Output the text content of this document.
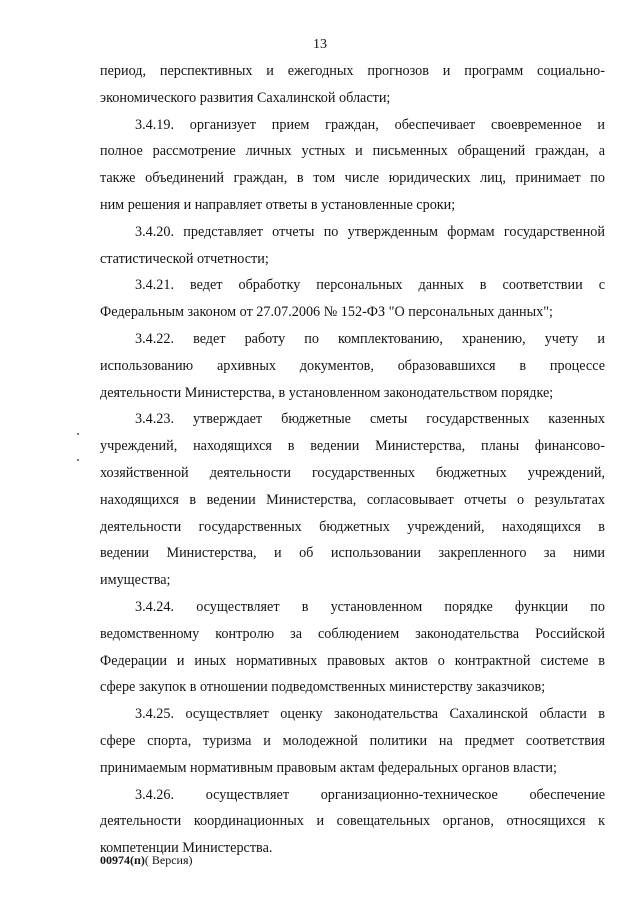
13
период, перспективных и ежегодных прогнозов и программ социально-
экономического развития Сахалинской области;
3.4.19. организует прием граждан, обеспечивает своевременное и
полное рассмотрение личных устных и письменных обращений граждан, а
также объединений граждан, в том числе юридических лиц, принимает по
ним решения и направляет ответы в установленные сроки;
3.4.20. представляет отчеты по утвержденным формам государственной
статистической отчетности;
3.4.21. ведет обработку персональных данных в соответствии с
Федеральным законом от 27.07.2006 № 152-ФЗ "О персональных данных";
3.4.22. ведет работу по комплектованию, хранению, учету и
использованию архивных документов, образовавшихся в процессе
деятельности Министерства, в установленном законодательством порядке;
3.4.23. утверждает бюджетные сметы государственных казенных
учреждений, находящихся в ведении Министерства, планы финансово-
хозяйственной деятельности государственных бюджетных учреждений,
находящихся в ведении Министерства, согласовывает отчеты о результатах
деятельности государственных бюджетных учреждений, находящихся в
ведении Министерства, и об использовании закрепленного за ними
имущества;
3.4.24. осуществляет в установленном порядке функции по
ведомственному контролю за соблюдением законодательства Российской
Федерации и иных нормативных правовых актов о контрактной системе в
сфере закупок в отношении подведомственных министерству заказчиков;
3.4.25. осуществляет оценку законодательства Сахалинской области в
сфере спорта, туризма и молодежной политики на предмет соответствия
принимаемым нормативным правовым актам федеральных органов власти;
3.4.26. осуществляет организационно-техническое обеспечение
деятельности координационных и совещательных органов, относящихся к
компетенции Министерства.
00974(п)( Версия)
